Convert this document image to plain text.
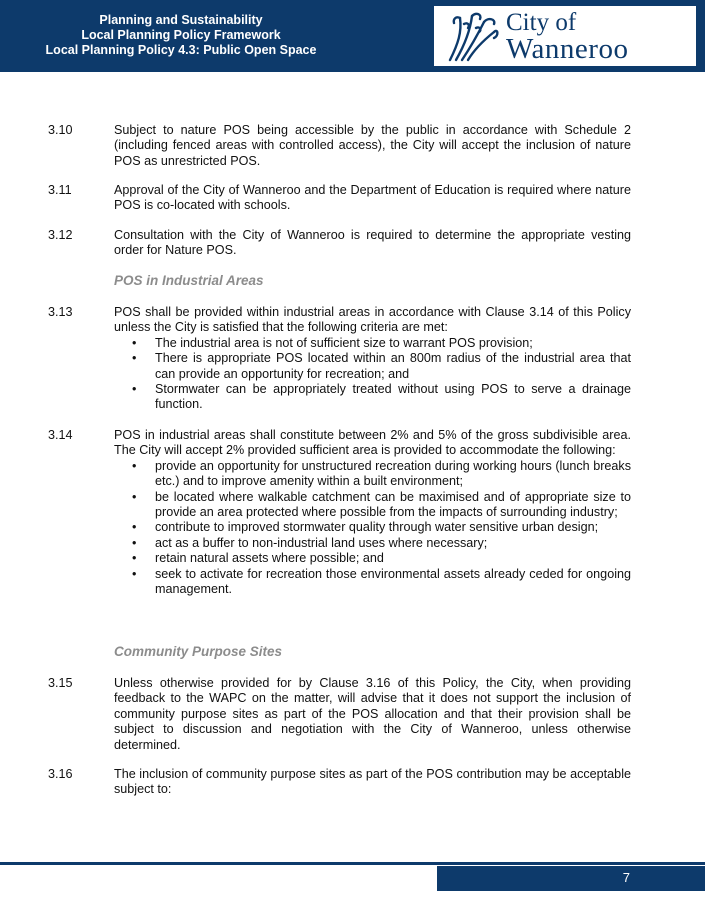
Planning and Sustainability
Local Planning Policy Framework
Local Planning Policy 4.3: Public Open Space
City of
Wanneroo
3.10	Subject to nature POS being accessible by the public in accordance with Schedule 2 (including fenced areas with controlled access), the City will accept the inclusion of nature POS as unrestricted POS.
3.11	Approval of the City of Wanneroo and the Department of Education is required where nature POS is co-located with schools.
3.12	Consultation with the City of Wanneroo is required to determine the appropriate vesting order for Nature POS.
POS in Industrial Areas
3.13	POS shall be provided within industrial areas in accordance with Clause 3.14 of this Policy unless the City is satisfied that the following criteria are met:
• The industrial area is not of sufficient size to warrant POS provision;
• There is appropriate POS located within an 800m radius of the industrial area that can provide an opportunity for recreation; and
• Stormwater can be appropriately treated without using POS to serve a drainage function.
3.14	POS in industrial areas shall constitute between 2% and 5% of the gross subdivisible area. The City will accept 2% provided sufficient area is provided to accommodate the following:
• provide an opportunity for unstructured recreation during working hours (lunch breaks etc.) and to improve amenity within a built environment;
• be located where walkable catchment can be maximised and of appropriate size to provide an area protected where possible from the impacts of surrounding industry;
• contribute to improved stormwater quality through water sensitive urban design;
• act as a buffer to non-industrial land uses where necessary;
• retain natural assets where possible; and
• seek to activate for recreation those environmental assets already ceded for ongoing management.
Community Purpose Sites
3.15	Unless otherwise provided for by Clause 3.16 of this Policy, the City, when providing feedback to the WAPC on the matter, will advise that it does not support the inclusion of community purpose sites as part of the POS allocation and that their provision shall be subject to discussion and negotiation with the City of Wanneroo, unless otherwise determined.
3.16	The inclusion of community purpose sites as part of the POS contribution may be acceptable subject to:
7
